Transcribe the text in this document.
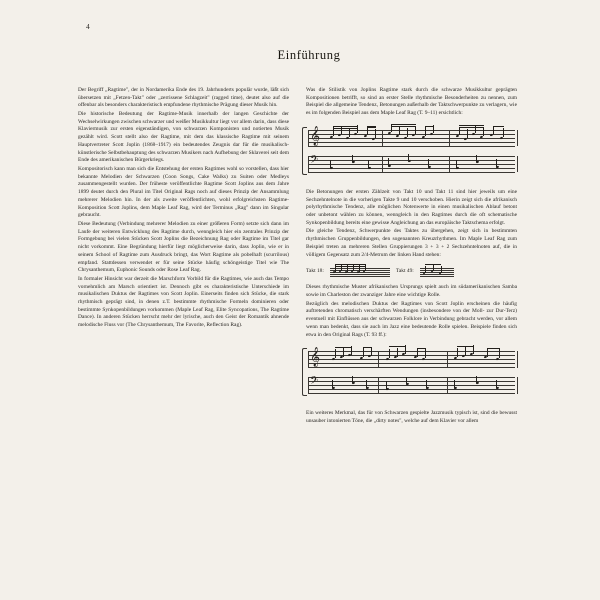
4
Einführung

Der Begriff „Ragtime", der in Nordamerika Ende des 19. Jahrhunderts populär wurde, läßt sich übersetzen mit „Fetzen-Takt" oder „zerrissene Schlagzeit" (ragged time), deutet also auf die offenbar als besonders charakteristisch empfundene rhythmische Prägung dieser Musik hin.

Die historische Bedeutung der Ragtime-Musik innerhalb der langen Geschichte der Wechselwirkungen zwischen schwarzer und weißer Musikkultur liegt vor allem darin, dass diese Klaviermusik zur ersten eigenständigen, von schwarzen Komponisten und notierten Musik gezählt wird. Scott stellt also der Ragtime, mit dem das klassische Ragtime mit seinem Hauptvertreter Scott Joplin (1868–1917) ein bedeutendes Zeugnis dar für die musikalisch-künstlerische Selbstbehauptung des schwarzen Musikers nach Aufhebung der Sklaverei seit dem Ende des amerikanischen Bürgerkriegs.

Kompositorisch kann man sich die Entstehung der ersten Ragtimes wohl so vorstellen, dass hier bekannte Melodien der Schwarzen (Coon Songs, Cake Walks) zu Suiten oder Medleys zusammengestellt wurden. Der früheste veröffentlichte Ragtime Scott Joplins aus dem Jahre 1899 deutet durch den Plural im Titel Original Rags noch auf dieses Prinzip der Ansammlung mehrerer Melodien hin. In der als zweite veröffentlichten, wohl erfolgreichsten Ragtime-Komposition Scott Joplins, dem Maple Leaf Rag, wird der Terminus „Rag" dann im Singular gebraucht.

Diese Bedeutung (Verbindung mehrerer Melodien zu einer größeren Form) setzte sich dann im Laufe der weiteren Entwicklung des Ragtime durch, wenngleich hier ein zentrales Prinzip der Formgebung bei vielen Stücken Scott Joplins die Bezeichnung Rag oder Ragtime im Titel gar nicht vorkommt. Eine Begründung hierfür liegt möglicherweise darin, dass Joplin, wie er in seinem School of Ragtime zum Ausdruck bringt, das Wort Ragtime als pobelhaft (scurrilous) empfand. Stattdessen verwendet er für seine Stücke häufig schöngeistige Titel wie The Chrysanthemum, Euphonic Sounds oder Rose Leaf Rag.

In formaler Hinsicht war derzeit die Marschform Vorbild für die Ragtimes, wie auch das Tempo vornehmlich am Marsch orientiert ist. Dennoch gibt es charakteristische Unterschiede im musikalischen Duktus der Ragtimes von Scott Joplin. Einerseits finden sich Stücke, die stark rhythmisch geprägt sind, in denen z.T. bestimmte rhythmische Formeln dominieren oder bestimmte Synkopenbildungen vorkommen (Maple Leaf Rag, Elite Syncopations, The Ragtime Dance). In anderen Stücken herrscht mehr der lyrische, auch den Geist der Romantik ahnende melodische Fluss vor (The Chrysanthemum, The Favorite, Reflection Rag).

Was die Stilistik von Joplins Ragtime stark durch die schwarze Musikkultur geprägten Kompositionen betrifft, so sind an erster Stelle rhythmische Besonderheiten zu nennen, zum Beispiel die allgemeine Tendenz, Betonungen außerhalb der Taktschwerpunkte zu verlagern, wie es im folgenden Beispiel aus dem Maple Leaf Rag (T. 9–11) ersichtlich:

𝄞
𝄢

Die Betonungen der ersten Zählzeit von Takt 10 und Takt 11 sind hier jeweils um eine Sechzehntelnote in die vorherigen Takte 9 und 10 verschoben. Hierin zeigt sich die afrikanisch polyrhythmische Tendenz, alle möglichen Notenwerte in einen musikalischen Ablauf betont oder unbetont wählen zu können, wenngleich in den Ragtimes durch die oft schematische Synkopenbildung bereits eine gewisse Angleichung an das europäische Taktschema erfolgt.

Die gleiche Tendenz, Schwerpunkte des Taktes zu übergehen, zeigt sich in bestimmten rhythmischen Gruppenbildungen, den sogenannten Kreuzrhythmen. Im Maple Leaf Rag zum Beispiel treten an mehreren Stellen Gruppierungen 3 + 3 + 2 Sechzehntelnoten auf, die in völligem Gegensatz zum 2/4-Metrum der linken Hand stehen:

Takt 18:	Takt 49:

Dieses rhythmische Muster afrikanischen Ursprungs spielt auch im südamerikanischen Samba sowie im Charleston der zwanziger Jahre eine wichtige Rolle.

Bezüglich des melodischen Duktus der Ragtimes von Scott Joplin erscheinen die häufig auftretenden chromatisch verschärften Wendungen (insbesondere von der Moll- zur Dur-Terz) eventuell mit Einflüssen aus der schwarzen Folklore in Verbindung gebracht werden, vor allem wenn man bedenkt, dass sie auch im Jazz eine bedeutende Rolle spielen. Beispiele finden sich etwa in den Original Rags (T. 93 ff.):

𝄞
𝄢

Ein weiteres Merkmal, das für von Schwarzen gespielte Jazzmusik typisch ist, sind die bewusst unsauber intonierten Töne, die „dirty notes", welche auf dem Klavier vor allem
